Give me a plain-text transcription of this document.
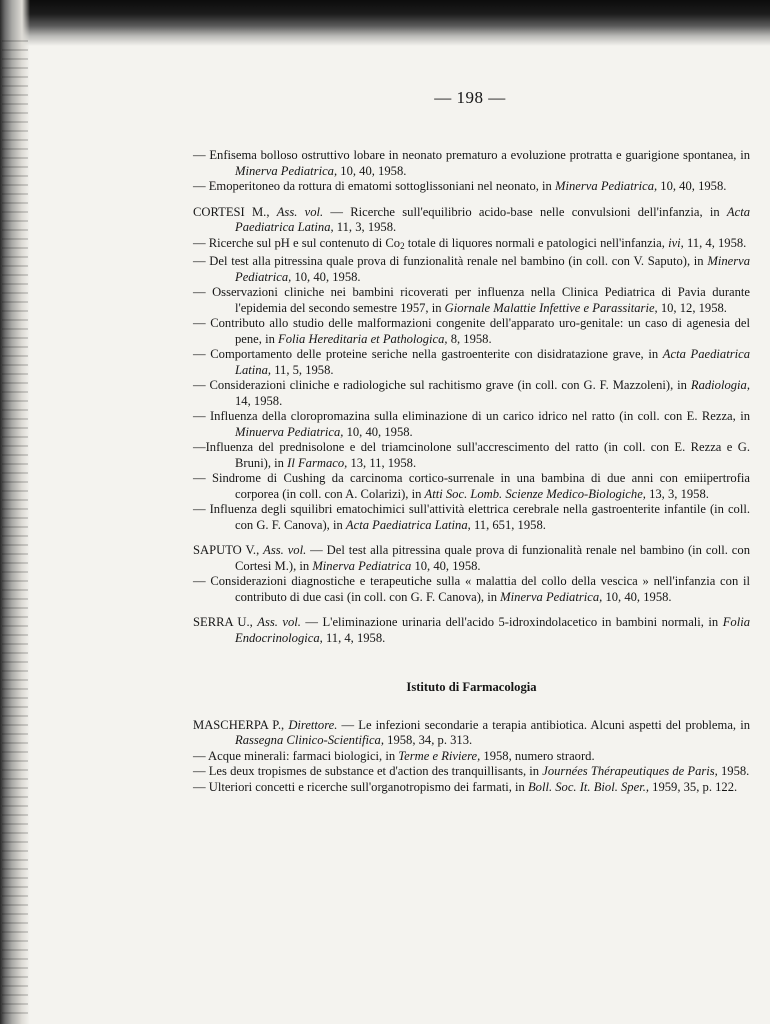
— 198 —

— Enfisema bolloso ostruttivo lobare in neonato prematuro a evoluzione protratta e guarigione spontanea, in Minerva Pediatrica, 10, 40, 1958.

— Emoperitoneo da rottura di ematomi sottoglissoniani nel neonato, in Minerva Pediatrica, 10, 40, 1958.

CORTESI M., Ass. vol. — Ricerche sull'equilibrio acido-base nelle convulsioni dell'infanzia, in Acta Paediatrica Latina, 11, 3, 1958.

— Ricerche sul pH e sul contenuto di $Co_2$ totale di liquores normali e patologici nell'infanzia, ivi, 11, 4, 1958.

— Del test alla pitressina quale prova di funzionalità renale nel bambino (in coll. con V. Saputo), in Minerva Pediatrica, 10, 40, 1958.

— Osservazioni cliniche nei bambini ricoverati per influenza nella Clinica Pediatrica di Pavia durante l'epidemia del secondo semestre 1957, in Giornale Malattie Infettive e Parassitarie, 10, 12, 1958.

— Contributo allo studio delle malformazioni congenite dell'apparato uro-genitale: un caso di agenesia del pene, in Folia Hereditaria et Pathologica, 8, 1958.

— Comportamento delle proteine seriche nella gastroenterite con disidratazione grave, in Acta Paediatrica Latina, 11, 5, 1958.

— Considerazioni cliniche e radiologiche sul rachitismo grave (in coll. con G. F. Mazzoleni), in Radiologia, 14, 1958.

— Influenza della cloropromazina sulla eliminazione di un carico idrico nel ratto (in coll. con E. Rezza, in Minuerva Pediatrica, 10, 40, 1958.

—Influenza del prednisolone e del triamcinolone sull'accrescimento del ratto (in coll. con E. Rezza e G. Bruni), in Il Farmaco, 13, 11, 1958.

— Sindrome di Cushing da carcinoma cortico-surrenale in una bambina di due anni con emiipertrofia corporea (in coll. con A. Colarizi), in Atti Soc. Lomb. Scienze Medico-Biologiche, 13, 3, 1958.

— Influenza degli squilibri ematochimici sull'attività elettrica cerebrale nella gastroenterite infantile (in coll. con G. F. Canova), in Acta Paediatrica Latina, 11, 651, 1958.

SAPUTO V., Ass. vol. — Del test alla pitressina quale prova di funzionalità renale nel bambino (in coll. con Cortesi M.), in Minerva Pediatrica 10, 40, 1958.

— Considerazioni diagnostiche e terapeutiche sulla « malattia del collo della vescica » nell'infanzia con il contributo di due casi (in coll. con G. F. Canova), in Minerva Pediatrica, 10, 40, 1958.

SERRA U., Ass. vol. — L'eliminazione urinaria dell'acido 5-idroxindolacetico in bambini normali, in Folia Endocrinologica, 11, 4, 1958.

Istituto di Farmacologia

MASCHERPA P., Direttore. — Le infezioni secondarie a terapia antibiotica. Alcuni aspetti del problema, in Rassegna Clinico-Scientifica, 1958, 34, p. 313.

— Acque minerali: farmaci biologici, in Terme e Riviere, 1958, numero straord.

— Les deux tropismes de substance et d'action des tranquillisants, in Journées Thérapeutiques de Paris, 1958.

— Ulteriori concetti e ricerche sull'organotropismo dei farmati, in Boll. Soc. It. Biol. Sper., 1959, 35, p. 122.
